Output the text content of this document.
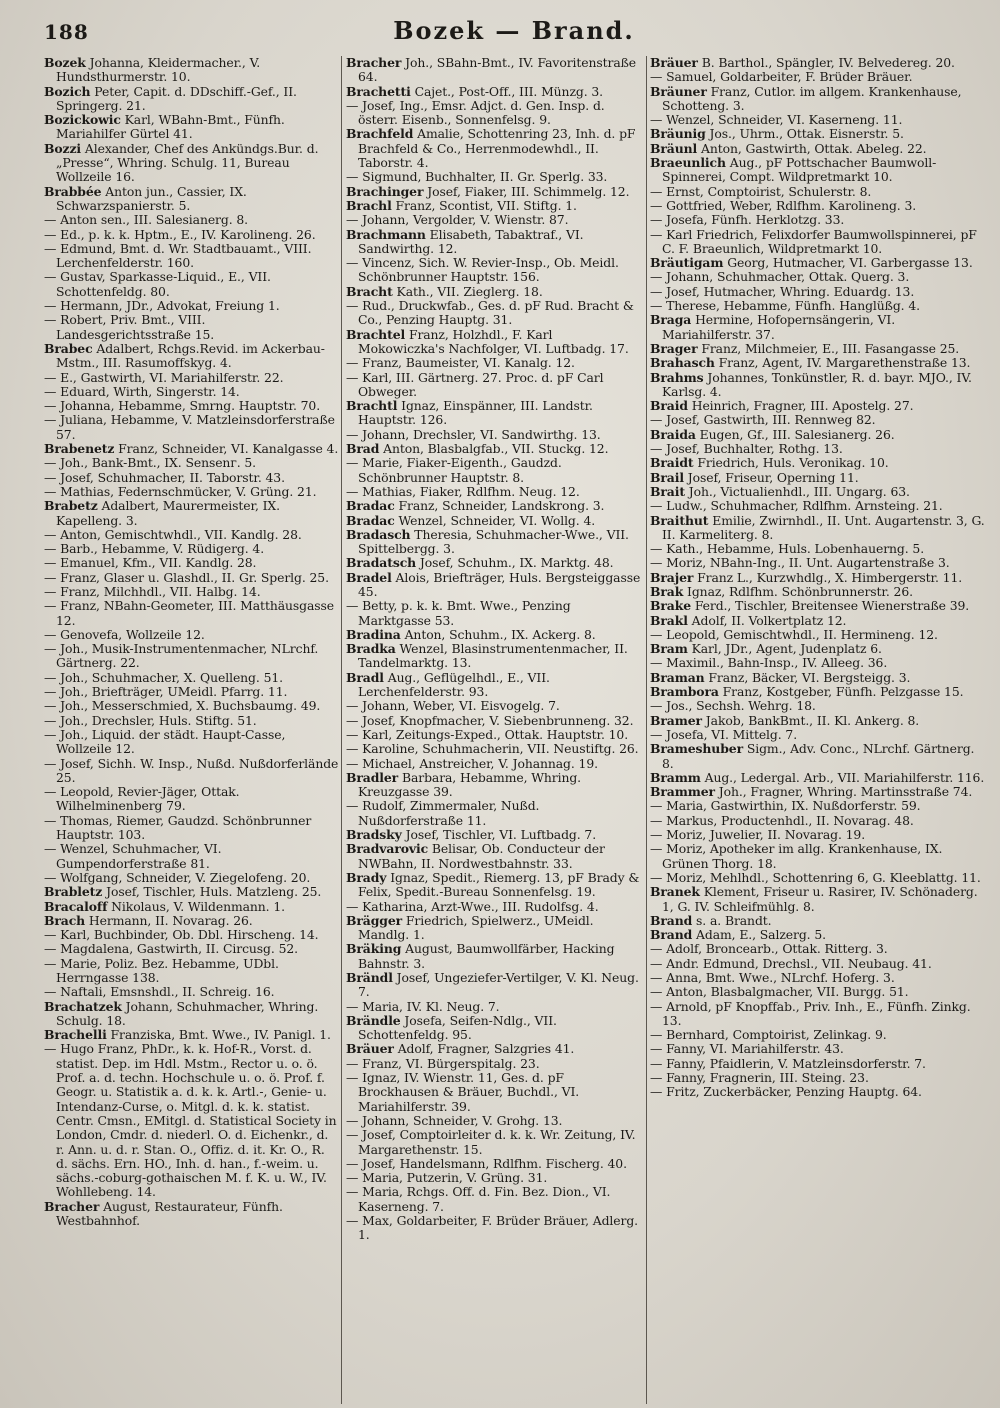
188	Bozek — Brand.

Bozek Johanna, Kleidermacher., V. Hundsthurmerstr. 10.

Bozich Peter, Capit. d. DDschiff.-Gef., II. Springerg. 21.

Bozickowic Karl, WBahn-Bmt., Fünfh. Mariahilfer Gürtel 41.

Bozzi Alexander, Chef des Ankündgs.Bur. d. „Presse“, Whring. Schulg. 11, Bureau Wollzeile 16.

Brabbée Anton jun., Cassier, IX. Schwarzspanierstr. 5.

— Anton sen., III. Salesianerg. 8.

— Ed., p. k. k. Hptm., E., IV. Karolineng. 26.

— Edmund, Bmt. d. Wr. Stadtbauamt., VIII. Lerchenfelderstr. 160.

— Gustav, Sparkasse-Liquid., E., VII. Schottenfeldg. 80.

— Hermann, JDr., Advokat, Freiung 1.

— Robert, Priv. Bmt., VIII. Landesgerichtsstraße 15.

Brabec Adalbert, Rchgs.Revid. im Ackerbau-Mstm., III. Rasumoffskyg. 4.

— E., Gastwirth, VI. Mariahilferstr. 22.

— Eduard, Wirth, Singerstr. 14.

— Johanna, Hebamme, Smrng. Hauptstr. 70.

— Juliana, Hebamme, V. Matzleinsdorferstraße 57.

Brabenetz Franz, Schneider, VI. Kanalgasse 4.

— Joh., Bank-Bmt., IX. Sensenг. 5.

— Josef, Schuhmacher, II. Taborstr. 43.

— Mathias, Federnschmücker, V. Grüng. 21.

Brabetz Adalbert, Maurermeister, IX. Kapelleng. 3.

— Anton, Gemischtwhdl., VII. Kandlg. 28.

— Barb., Hebamme, V. Rüdigerg. 4.

— Emanuel, Kfm., VII. Kandlg. 28.

— Franz, Glaser u. Glashdl., II. Gr. Sperlg. 25.

— Franz, Milchhdl., VII. Halbg. 14.

— Franz, NBahn-Geometer, III. Matthäusgasse 12.

— Genovefa, Wollzeile 12.

— Joh., Musik-Instrumentenmacher, NLrchf. Gärtnerg. 22.

— Joh., Schuhmacher, X. Quelleng. 51.

— Joh., Briefträger, UMeidl. Pfarrg. 11.

— Joh., Messerschmied, X. Buchsbaumg. 49.

— Joh., Drechsler, Huls. Stiftg. 51.

— Joh., Liquid. der städt. Haupt-Casse, Wollzeile 12.

— Josef, Sichh. W. Insp., Nußd. Nußdorferlände 25.

— Leopold, Revier-Jäger, Ottak. Wilhelminenberg 79.

— Thomas, Riemer, Gaudzd. Schönbrunner Hauptstr. 103.

— Wenzel, Schuhmacher, VI. Gumpendorferstraße 81.

— Wolfgang, Schneider, V. Ziegelofeng. 20.

Brabletz Josef, Tischler, Huls. Matzleng. 25.

Bracaloff Nikolaus, V. Wildenmann. 1.

Brach Hermann, II. Novarag. 26.

— Karl, Buchbinder, Ob. Dbl. Hirscheng. 14.

— Magdalena, Gastwirth, II. Circusg. 52.

— Marie, Poliz. Bez. Hebamme, UDbl. Herrngasse 138.

— Naftali, Emsnshdl., II. Schreig. 16.

Brachatzek Johann, Schuhmacher, Whring. Schulg. 18.

Brachelli Franziska, Bmt. Wwe., IV. Panigl. 1.

— Hugo Franz, PhDr., k. k. Hof-R., Vorst. d. statist. Dep. im Hdl. Mstm., Rector u. o. ö. Prof. a. d. techn. Hochschule u. o. ö. Prof. f. Geogr. u. Statistik a. d. k. k. Artl.-, Genie- u. Intendanz-Curse, o. Mitgl. d. k. k. statist. Centr. Cmsn., EMitgl. d. Statistical Society in London, Cmdr. d. niederl. O. d. Eichenkr., d. r. Ann. u. d. r. Stan. O., Offiz. d. it. Kr. O., R. d. sächs. Ern. HO., Inh. d. han., f.-weim. u. sächs.-coburg-gothaischen M. f. K. u. W., IV. Wohllebeng. 14.

Bracher August, Restaurateur, Fünfh. Westbahnhof.

Bracher Joh., SBahn-Bmt., IV. Favoritenstraße 64.

Brachetti Cajet., Post-Off., III. Münzg. 3.

— Josef, Ing., Emsr. Adjct. d. Gen. Insp. d. österr. Eisenb., Sonnenfelsg. 9.

Brachfeld Amalie, Schottenring 23, Inh. d. pF Brachfeld & Co., Herrenmodewhdl., II. Taborstr. 4.

— Sigmund, Buchhalter, II. Gr. Sperlg. 33.

Brachinger Josef, Fiaker, III. Schimmelg. 12.

Brachl Franz, Scontist, VII. Stiftg. 1.

— Johann, Vergolder, V. Wienstr. 87.

Brachmann Elisabeth, Tabaktraf., VI. Sandwirthg. 12.

— Vincenz, Sich. W. Revier-Insp., Ob. Meidl. Schönbrunner Hauptstr. 156.

Bracht Kath., VII. Zieglerg. 18.

— Rud., Druckwfab., Ges. d. pF Rud. Bracht & Co., Penzing Hauptg. 31.

Brachtel Franz, Holzhdl., F. Karl Mokowiczka's Nachfolger, VI. Luftbadg. 17.

— Franz, Baumeister, VI. Kanalg. 12.

— Karl, III. Gärtnerg. 27. Proc. d. pF Carl Obweger.

Brachtl Ignaz, Einspänner, III. Landstr. Hauptstr. 126.

— Johann, Drechsler, VI. Sandwirthg. 13.

Brad Anton, Blasbalgfab., VII. Stuckg. 12.

— Marie, Fiaker-Eigenth., Gaudzd. Schönbrunner Hauptstr. 8.

— Mathias, Fiaker, Rdlfhm. Neug. 12.

Bradac Franz, Schneider, Landskrong. 3.

Bradac Wenzel, Schneider, VI. Wollg. 4.

Bradasch Theresia, Schuhmacher-Wwe., VII. Spittelbergg. 3.

Bradatsch Josef, Schuhm., IX. Marktg. 48.

Bradel Alois, Briefträger, Huls. Bergsteiggasse 45.

— Betty, p. k. k. Bmt. Wwe., Penzing Marktgasse 53.

Bradina Anton, Schuhm., IX. Ackerg. 8.

Bradka Wenzel, Blasinstrumentenmacher, II. Tandelmarktg. 13.

Bradl Aug., Geflügelhdl., E., VII. Lerchenfelderstr. 93.

— Johann, Weber, VI. Eisvogelg. 7.

— Josef, Knopfmacher, V. Siebenbrunneng. 32.

— Karl, Zeitungs-Exped., Ottak. Hauptstr. 10.

— Karoline, Schuhmacherin, VII. Neustiftg. 26.

— Michael, Anstreicher, V. Johannag. 19.

Bradler Barbara, Hebamme, Whring. Kreuzgasse 39.

— Rudolf, Zimmermaler, Nußd. Nußdorferstraße 11.

Bradsky Josef, Tischler, VI. Luftbadg. 7.

Bradvarovic Belisar, Ob. Conducteur der NWBahn, II. Nordwestbahnstr. 33.

Brady Ignaz, Spedit., Riemerg. 13, pF Brady & Felix, Spedit.-Bureau Sonnenfelsg. 19.

— Katharina, Arzt-Wwe., III. Rudolfsg. 4.

Brägger Friedrich, Spielwerz., UMeidl. Mandlg. 1.

Bräking August, Baumwollfärber, Hacking Bahnstr. 3.

Brändl Josef, Ungeziefer-Vertilger, V. Kl. Neug. 7.

— Maria, IV. Kl. Neug. 7.

Brändle Josefa, Seifen-Ndlg., VII. Schottenfeldg. 95.

Bräuer Adolf, Fragner, Salzgries 41.

— Franz, VI. Bürgerspitalg. 23.

— Ignaz, IV. Wienstr. 11, Ges. d. pF Brockhausen & Bräuer, Buchdl., VI. Mariahilferstr. 39.

— Johann, Schneider, V. Grohg. 13.

— Josef, Comptoirleiter d. k. k. Wr. Zeitung, IV. Margarethenstr. 15.

— Josef, Handelsmann, Rdlfhm. Fischerg. 40.

— Maria, Putzerin, V. Grüng. 31.

— Maria, Rchgs. Off. d. Fin. Bez. Dion., VI. Kaserneng. 7.

— Max, Goldarbeiter, F. Brüder Bräuer, Adlerg. 1.

Bräuer B. Barthol., Spängler, IV. Belvedereg. 20.

— Samuel, Goldarbeiter, F. Brüder Bräuer.

Bräuner Franz, Cutlor. im allgem. Krankenhause, Schotteng. 3.

— Wenzel, Schneider, VI. Kaserneng. 11.

Bräunig Jos., Uhrm., Ottak. Eisnerstr. 5.

Bräunl Anton, Gastwirth, Ottak. Abeleg. 22.

Braeunlich Aug., pF Pottschacher Baumwoll-Spinnerei, Compt. Wildpretmarkt 10.

— Ernst, Comptoirist, Schulerstr. 8.

— Gottfried, Weber, Rdlfhm. Karolineng. 3.

— Josefa, Fünfh. Herklotzg. 33.

— Karl Friedrich, Felixdorfer Baumwollspinnerei, pF C. F. Braeunlich, Wildpretmarkt 10.

Bräutigam Georg, Hutmacher, VI. Garbergasse 13.

— Johann, Schuhmacher, Ottak. Querg. 3.

— Josef, Hutmacher, Whring. Eduardg. 13.

— Therese, Hebamme, Fünfh. Hanglüßg. 4.

Braga Hermine, Hofopernsängerin, VI. Mariahilferstr. 37.

Brager Franz, Milchmeier, E., III. Fasangasse 25.

Brahasch Franz, Agent, IV. Margarethenstraße 13.

Brahms Johannes, Tonkünstler, R. d. bayr. MJO., IV. Karlsg. 4.

Braid Heinrich, Fragner, III. Apostelg. 27.

— Josef, Gastwirth, III. Rennweg 82.

Braida Eugen, Gf., III. Salesianerg. 26.

— Josef, Buchhalter, Rothg. 13.

Braidt Friedrich, Huls. Veronikag. 10.

Brail Josef, Friseur, Operning 11.

Brait Joh., Victualienhdl., III. Ungarg. 63.

— Ludw., Schuhmacher, Rdlfhm. Arnsteing. 21.

Braithut Emilie, Zwirnhdl., II. Unt. Augartenstr. 3, G. II. Karmeliterg. 8.

— Kath., Hebamme, Huls. Lobenhauerng. 5.

— Moriz, NBahn-Ing., II. Unt. Augartenstraße 3.

Brajer Franz L., Kurzwhdlg., X. Himbergerstr. 11.

Brak Ignaz, Rdlfhm. Schönbrunnerstr. 26.

Brake Ferd., Tischler, Breitensee Wienerstraße 39.

Brakl Adolf, II. Volkertplatz 12.

— Leopold, Gemischtwhdl., II. Hermineng. 12.

Bram Karl, JDr., Agent, Judenplatz 6.

— Maximil., Bahn-Insp., IV. Alleeg. 36.

Braman Franz, Bäcker, VI. Bergsteigg. 3.

Brambora Franz, Kostgeber, Fünfh. Pelzgasse 15.

— Jos., Sechsh. Wehrg. 18.

Bramer Jakob, BankBmt., II. Kl. Ankerg. 8.

— Josefa, VI. Mittelg. 7.

Brameshuber Sigm., Adv. Conc., NLrchf. Gärtnerg. 8.

Bramm Aug., Ledergal. Arb., VII. Mariahilferstr. 116.

Brammer Joh., Fragner, Whring. Martinsstraße 74.

— Maria, Gastwirthin, IX. Nußdorferstr. 59.

— Markus, Productenhdl., II. Novarag. 48.

— Moriz, Juwelier, II. Novarag. 19.

— Moriz, Apotheker im allg. Krankenhause, IX. Grünen Thorg. 18.

— Moriz, Mehlhdl., Schottenring 6, G. Kleeblattg. 11.

Branek Klement, Friseur u. Rasirer, IV. Schönaderg. 1, G. IV. Schleifmühlg. 8.

Brand s. a. Brandt.

Brand Adam, E., Salzerg. 5.

— Adolf, Broncearb., Ottak. Ritterg. 3.

— Andr. Edmund, Drechsl., VII. Neubaug. 41.

— Anna, Bmt. Wwe., NLrchf. Hoferg. 3.

— Anton, Blasbalgmacher, VII. Burgg. 51.

— Arnold, pF Knopffab., Priv. Inh., E., Fünfh. Zinkg. 13.

— Bernhard, Comptoirist, Zelinkag. 9.

— Fanny, VI. Mariahilferstr. 43.

— Fanny, Pfaidlerin, V. Matzleinsdorferstr. 7.

— Fanny, Fragnerin, III. Steing. 23.

— Fritz, Zuckerbäcker, Penzing Hauptg. 64.
